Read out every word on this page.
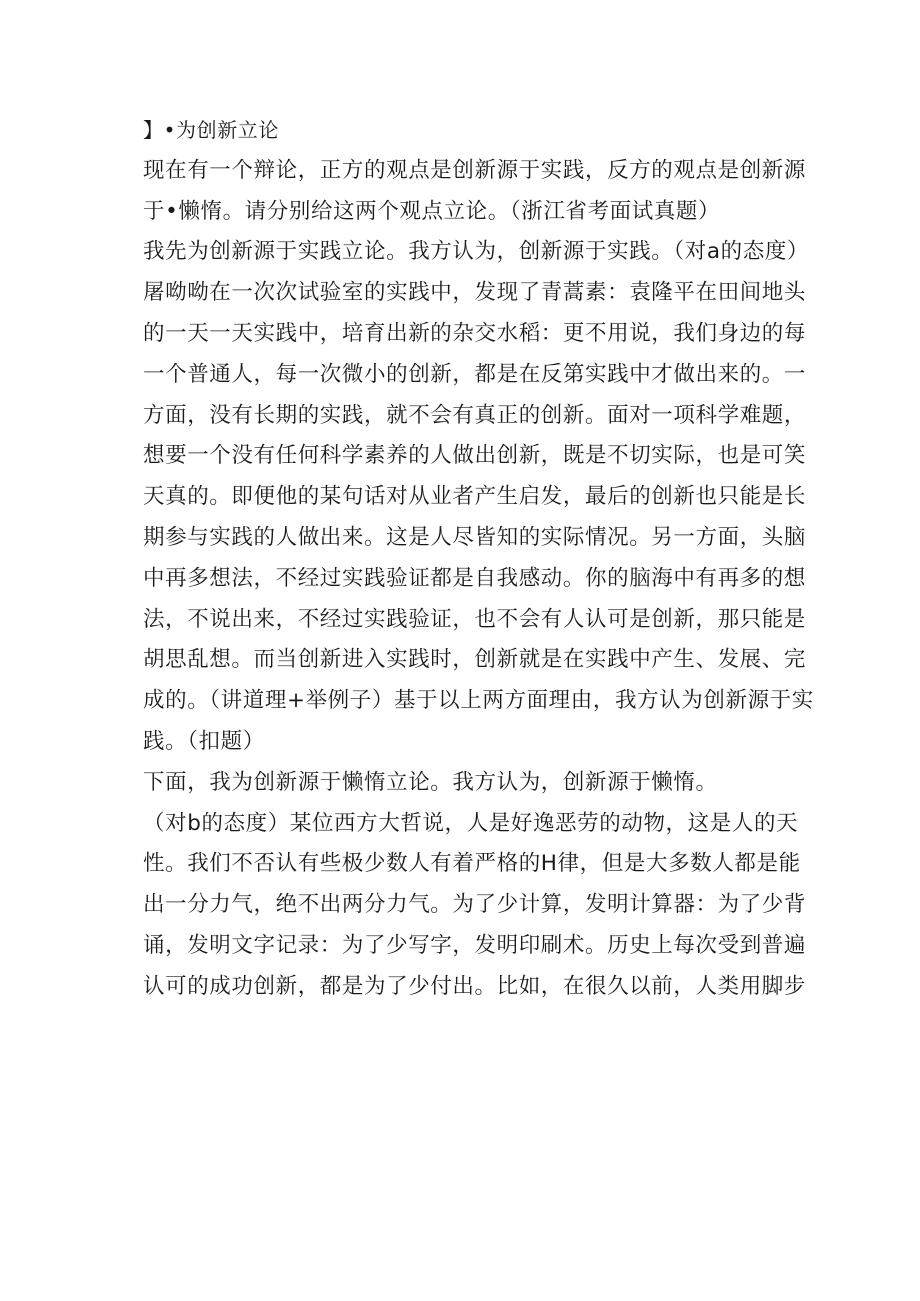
】•为创新立论
现在有一个辩论，正方的观点是创新源于实践，反方的观点是创新源
于•懒惰。请分别给这两个观点立论。（浙江省考面试真题）
我先为创新源于实践立论。我方认为，创新源于实践。（对a的态度）
屠呦呦在一次次试验室的实践中，发现了青蒿素：袁隆平在田间地头
的一天一天实践中，培育出新的杂交水稻：更不用说，我们身边的每
一个普通人，每一次微小的创新，都是在反第实践中才做出来的。一
方面，没有长期的实践，就不会有真正的创新。面对一项科学难题，
想要一个没有任何科学素养的人做出创新，既是不切实际，也是可笑
天真的。即便他的某句话对从业者产生启发，最后的创新也只能是长
期参与实践的人做出来。这是人尽皆知的实际情况。另一方面，头脑
中再多想法，不经过实践验证都是自我感动。你的脑海中有再多的想
法，不说出来，不经过实践验证，也不会有人认可是创新，那只能是
胡思乱想。而当创新进入实践时，创新就是在实践中产生、发展、完
成的。（讲道理+举例子）基于以上两方面理由，我方认为创新源于实
践。（扣题）
下面，我为创新源于懒惰立论。我方认为，创新源于懒惰。
（对b的态度）某位西方大哲说，人是好逸恶劳的动物，这是人的天
性。我们不否认有些极少数人有着严格的H律，但是大多数人都是能
出一分力气，绝不出两分力气。为了少计算，发明计算器：为了少背
诵，发明文字记录：为了少写字，发明印刷术。历史上每次受到普遍
认可的成功创新，都是为了少付出。比如，在很久以前，人类用脚步
